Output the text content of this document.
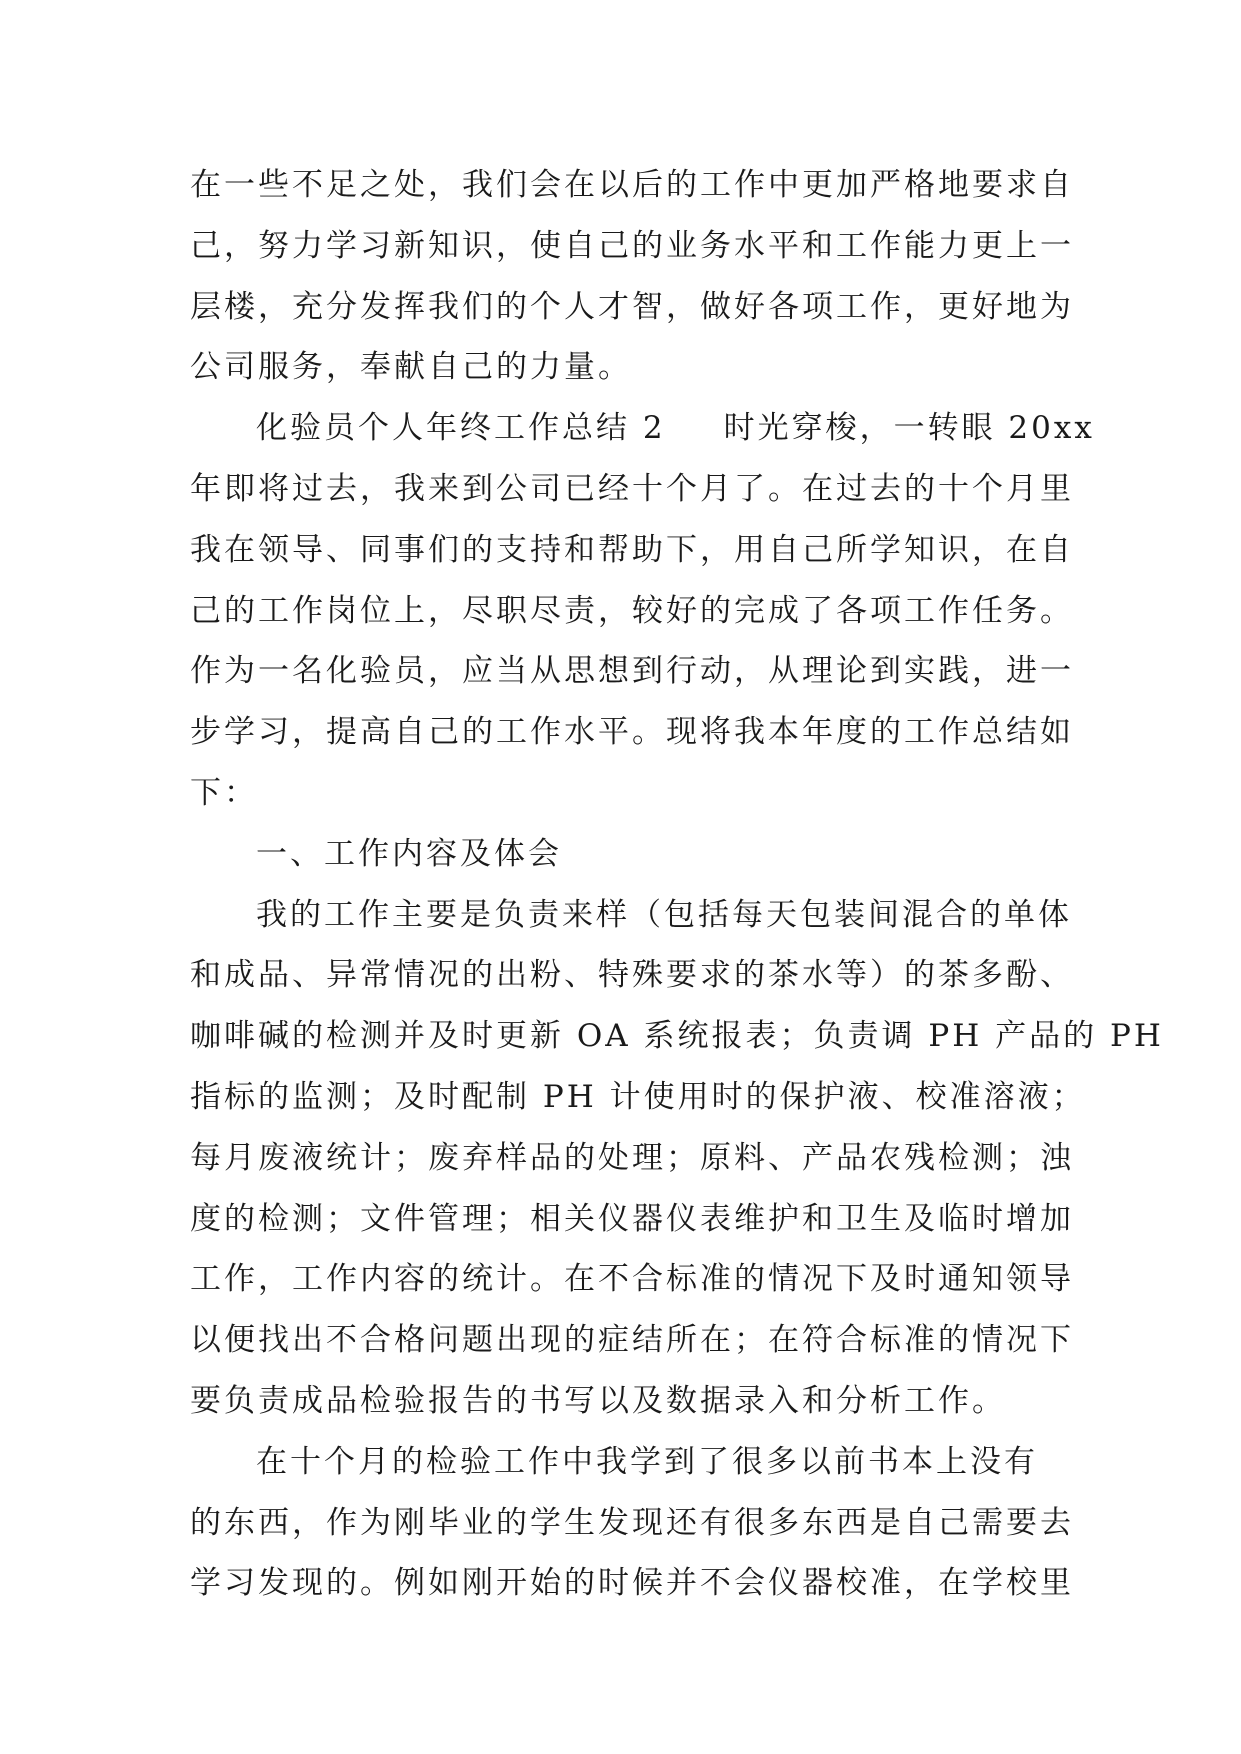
在一些不足之处，我们会在以后的工作中更加严格地要求自
己，努力学习新知识，使自己的业务水平和工作能力更上一
层楼，充分发挥我们的个人才智，做好各项工作，更好地为
公司服务，奉献自己的力量。
化验员个人年终工作总结 2 时光穿梭，一转眼 20xx
年即将过去，我来到公司已经十个月了。在过去的十个月里
我在领导、同事们的支持和帮助下，用自己所学知识，在自
己的工作岗位上，尽职尽责，较好的完成了各项工作任务。
作为一名化验员，应当从思想到行动，从理论到实践，进一
步学习，提高自己的工作水平。现将我本年度的工作总结如
下：
一、工作内容及体会
我的工作主要是负责来样（包括每天包装间混合的单体
和成品、异常情况的出粉、特殊要求的茶水等）的茶多酚、
咖啡碱的检测并及时更新 OA 系统报表；负责调 PH 产品的 PH
指标的监测；及时配制 PH 计使用时的保护液、校准溶液；
每月废液统计；废弃样品的处理；原料、产品农残检测；浊
度的检测；文件管理；相关仪器仪表维护和卫生及临时增加
工作，工作内容的统计。在不合标准的情况下及时通知领导
以便找出不合格问题出现的症结所在；在符合标准的情况下
要负责成品检验报告的书写以及数据录入和分析工作。
在十个月的检验工作中我学到了很多以前书本上没有
的东西，作为刚毕业的学生发现还有很多东西是自己需要去
学习发现的。例如刚开始的时候并不会仪器校准，在学校里
